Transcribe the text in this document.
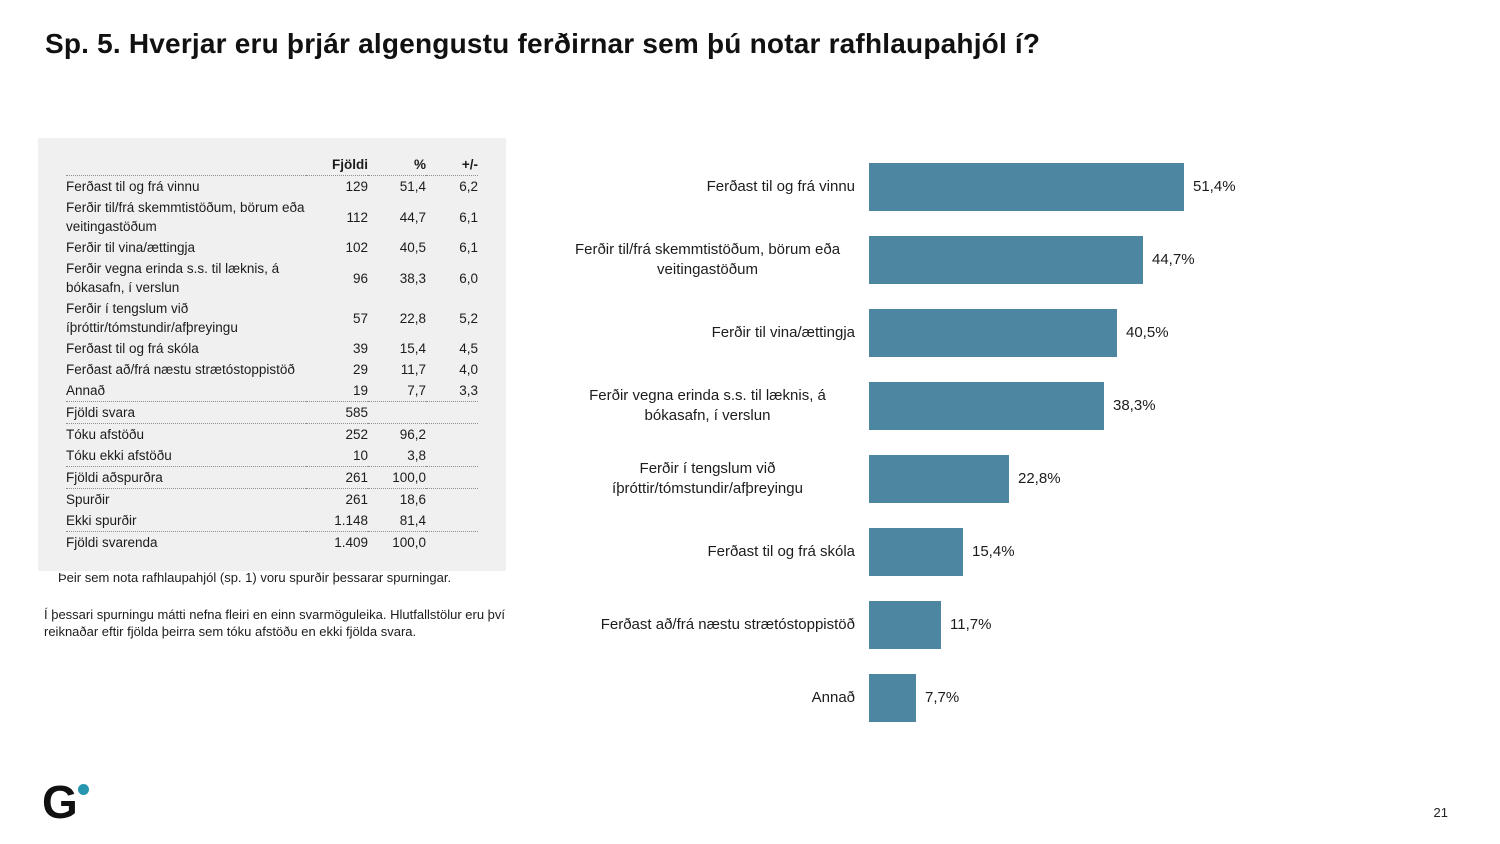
Sp. 5. Hverjar eru þrjár algengustu ferðirnar sem þú notar rafhlaupahjól í?
	Fjöldi	%	+/-
Ferðast til og frá vinnu	129	51,4	6,2
Ferðir til/frá skemmtistöðum, börum eða veitingastöðum	112	44,7	6,1
Ferðir til vina/ættingja	102	40,5	6,1
Ferðir vegna erinda s.s. til læknis, á bókasafn, í verslun	96	38,3	6,0
Ferðir í tengslum við íþróttir/tómstundir/afþreyingu	57	22,8	5,2
Ferðast til og frá skóla	39	15,4	4,5
Ferðast að/frá næstu strætóstoppistöð	29	11,7	4,0
Annað	19	7,7	3,3
Fjöldi svara	585		
Tóku afstöðu	252	96,2	
Tóku ekki afstöðu	10	3,8	
Fjöldi aðspurðra	261	100,0	
Spurðir	261	18,6	
Ekki spurðir	1.148	81,4	
Fjöldi svarenda	1.409	100,0	
Þeir sem nota rafhlaupahjól (sp. 1) voru spurðir þessarar spurningar.
Í þessari spurningu mátti nefna fleiri en einn svarmöguleika. Hlutfallstölur eru því reiknaðar eftir fjölda þeirra sem tóku afstöðu en ekki fjölda svara.
Ferðast til og frá vinnu	51,4%
Ferðir til/frá skemmtistöðum, börum eða veitingastöðum
44,7%
Ferðir til vina/ættingja	40,5%
Ferðir vegna erinda s.s. til læknis, á bókasafn, í verslun
38,3%
Ferðir í tengslum við íþróttir/tómstundir/afþreyingu
22,8%
Ferðast til og frá skóla	15,4%
Ferðast að/frá næstu strætóstoppistöð	11,7%
Annað	7,7%
G	21
